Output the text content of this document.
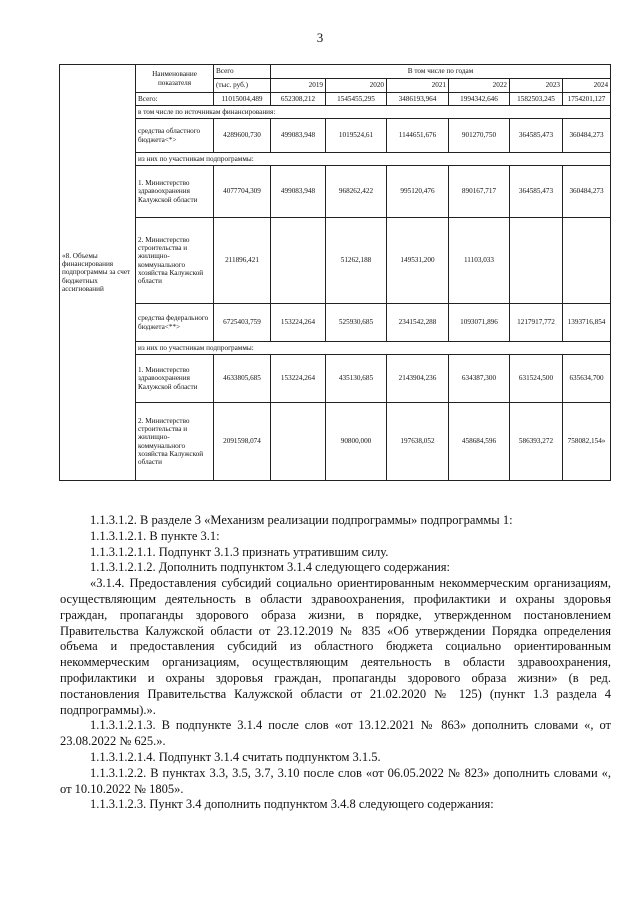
3
«8. Объемы финансирования подпрограммы за счет бюджетных ассигнований	Наименование показателя	Всего	В том числе по годам					
		(тыс. руб.)	2019	2020	2021	2022	2023	2024
	Всего:	11015004,489	652308,212	1545455,295	3486193,964	1994342,646	1582503,245	1754201,127
	в том числе по источникам финансирования:							
	средства областного бюджета<*>	4289600,730	499083,948	1019524,61	1144651,676	901270,750	364585,473	360484,273
	из них по участникам подпрограммы:							
	1. Министерство здравоохранения Калужской области	4077704,309	499083,948	968262,422	995120,476	890167,717	364585,473	360484,273
	2. Министерство строительства и жилищно-коммунального хозяйства Калужской области	211896,421		51262,188	149531,200	11103,033		
	средства федерального бюджета<**>	6725403,759	153224,264	525930,685	2341542,288	1093071,896	1217917,772	1393716,854
	из них по участникам подпрограммы:							
	1. Министерство здравоохранения Калужской области	4633805,685	153224,264	435130,685	2143904,236	634387,300	631524,500	635634,700
	2. Министерство строительства и жилищно-коммунального хозяйства Калужской области	2091598,074		90800,000	197638,052	458684,596	586393,272	758082,154»

1.1.3.1.2. В разделе 3 «Механизм реализации подпрограммы» подпрограммы 1:

1.1.3.1.2.1. В пункте 3.1:

1.1.3.1.2.1.1. Подпункт 3.1.3 признать утратившим силу.

1.1.3.1.2.1.2. Дополнить подпунктом 3.1.4 следующего содержания:

«3.1.4. Предоставления субсидий социально ориентированным некоммерческим организациям, осуществляющим деятельность в области здравоохранения, профилактики и охраны здоровья граждан, пропаганды здорового образа жизни, в порядке, утвержденном постановлением Правительства Калужской области от 23.12.2019 № 835 «Об утверждении Порядка определения объема и предоставления субсидий из областного бюджета социально ориентированным некоммерческим организациям, осуществляющим деятельность в области здравоохранения, профилактики и охраны здоровья граждан, пропаганды здорового образа жизни» (в ред. постановления Правительства Калужской области от 21.02.2020 № 125) (пункт 1.3 раздела 4 подпрограммы).».

1.1.3.1.2.1.3. В подпункте 3.1.4 после слов «от 13.12.2021 № 863» дополнить словами «, от 23.08.2022 № 625.».

1.1.3.1.2.1.4. Подпункт 3.1.4 считать подпунктом 3.1.5.

1.1.3.1.2.2. В пунктах 3.3, 3.5, 3.7, 3.10 после слов «от 06.05.2022 № 823» дополнить словами «, от 10.10.2022 № 1805».

1.1.3.1.2.3. Пункт 3.4 дополнить подпунктом 3.4.8 следующего содержания:
